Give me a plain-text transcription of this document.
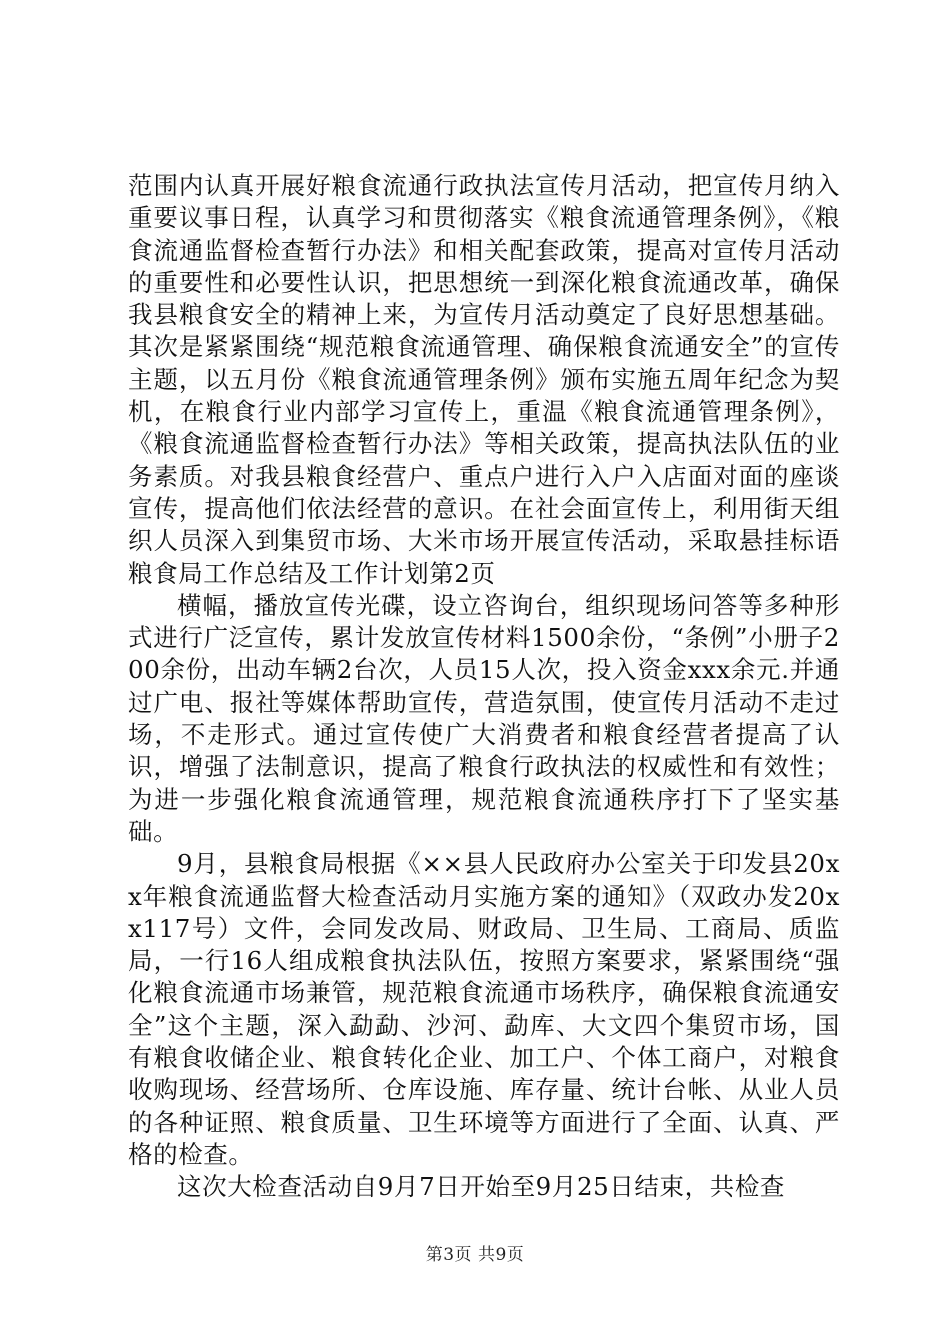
范围内认真开展好粮食流通行政执法宣传月活动，把宣传月纳入重要议事日程，认真学习和贯彻落实《粮食流通管理条例》，《粮食流通监督检查暂行办法》和相关配套政策，提高对宣传月活动的重要性和必要性认识，把思想统一到深化粮食流通改革，确保我县粮食安全的精神上来，为宣传月活动奠定了良好思想基础。其次是紧紧围绕“规范粮食流通管理、确保粮食流通安全”的宣传主题，以五月份《粮食流通管理条例》颁布实施五周年纪念为契机，在粮食行业内部学习宣传上，重温《粮食流通管理条例》，《粮食流通监督检查暂行办法》等相关政策，提高执法队伍的业务素质。对我县粮食经营户、重点户进行入户入店面对面的座谈宣传，提高他们依法经营的意识。在社会面宣传上，利用街天组织人员深入到集贸市场、大米市场开展宣传活动，采取悬挂标语粮食局工作总结及工作计划第2页

横幅，播放宣传光碟，设立咨询台，组织现场问答等多种形式进行广泛宣传，累计发放宣传材料1500余份，“条例”小册子200余份，出动车辆2台次，人员15人次，投入资金xxx余元.并通过广电、报社等媒体帮助宣传，营造氛围，使宣传月活动不走过场，不走形式。通过宣传使广大消费者和粮食经营者提高了认识，增强了法制意识，提高了粮食行政执法的权威性和有效性；为进一步强化粮食流通管理，规范粮食流通秩序打下了坚实基础。

9月，县粮食局根据《××县人民政府办公室关于印发县20xx年粮食流通监督大检查活动月实施方案的通知》（双政办发20xx117号）文件，会同发改局、财政局、卫生局、工商局、质监局，一行16人组成粮食执法队伍，按照方案要求，紧紧围绕“强化粮食流通市场兼管，规范粮食流通市场秩序，确保粮食流通安全”这个主题，深入勐勐、沙河、勐库、大文四个集贸市场，国有粮食收储企业、粮食转化企业、加工户、个体工商户，对粮食收购现场、经营场所、仓库设施、库存量、统计台帐、从业人员的各种证照、粮食质量、卫生环境等方面进行了全面、认真、严格的检查。

这次大检查活动自9月7日开始至9月25日结束，共检查

第3页 共9页
